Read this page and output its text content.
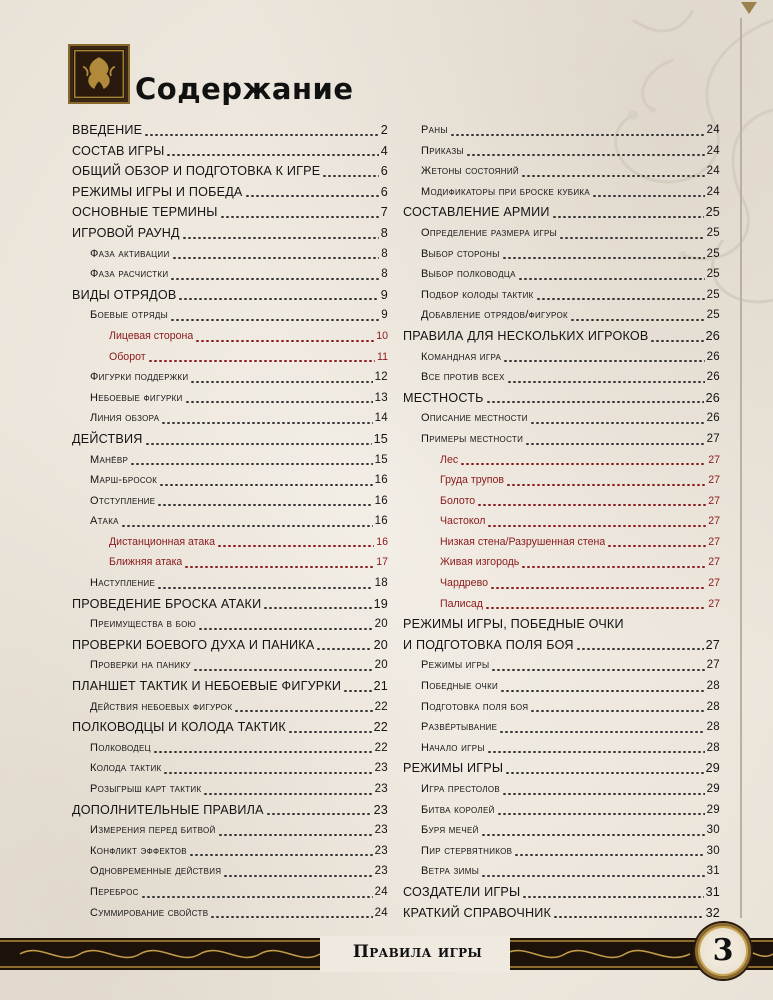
Содержание
ВВЕДЕНИЕ	2
СОСТАВ ИГРЫ	4
ОБЩИЙ ОБЗОР И ПОДГОТОВКА К ИГРЕ	6
РЕЖИМЫ ИГРЫ И ПОБЕДА	6
ОСНОВНЫЕ ТЕРМИНЫ	7
ИГРОВОЙ РАУНД	8
Фаза активации	8
Фаза расчистки	8
ВИДЫ ОТРЯДОВ	9
Боевые отряды	9
Лицевая сторона	10
Оборот	11
Фигурки поддержки	12
Небоевые фигурки	13
Линия обзора	14
ДЕЙСТВИЯ	15
Манёвр	15
Марш-бросок	16
Отступление	16
Атака	16
Дистанционная атака	16
Ближняя атака	17
Наступление	18
ПРОВЕДЕНИЕ БРОСКА АТАКИ	19
Преимущества в бою	20
ПРОВЕРКИ БОЕВОГО ДУХА И ПАНИКА	20
Проверки на панику	20
ПЛАНШЕТ ТАКТИК И НЕБОЕВЫЕ ФИГУРКИ	21
Действия небоевых фигурок	22
ПОЛКОВОДЦЫ И КОЛОДА ТАКТИК	22
Полководец	22
Колода тактик	23
Розыгрыш карт тактик	23
ДОПОЛНИТЕЛЬНЫЕ ПРАВИЛА	23
Измерения перед битвой	23
Конфликт эффектов	23
Одновременные действия	23
Переброс	24
Суммирование свойств	24
Раны	24
Приказы	24
Жетоны состояний	24
Модификаторы при броске кубика	24
СОСТАВЛЕНИЕ АРМИИ	25
Определение размера игры	25
Выбор стороны	25
Выбор полководца	25
Подбор колоды тактик	25
Добавление отрядов/фигурок	25
ПРАВИЛА ДЛЯ НЕСКОЛЬКИХ ИГРОКОВ	26
Командная игра	26
Все против всех	26
МЕСТНОСТЬ	26
Описание местности	26
Примеры местности	27
Лес	27
Груда трупов	27
Болото	27
Частокол	27
Низкая стена/Разрушенная стена	27
Живая изгородь	27
Чардрево	27
Палисад	27
РЕЖИМЫ ИГРЫ, ПОБЕДНЫЕ ОЧКИ
И ПОДГОТОВКА ПОЛЯ БОЯ	27
Режимы игры	27
Победные очки	28
Подготовка поля боя	28
Развёртывание	28
Начало игры	28
РЕЖИМЫ ИГРЫ	29
Игра престолов	29
Битва королей	29
Буря мечей	30
Пир стервятников	30
Ветра зимы	31
СОЗДАТЕЛИ ИГРЫ	31
КРАТКИЙ СПРАВОЧНИК	32
Правила игры	3
